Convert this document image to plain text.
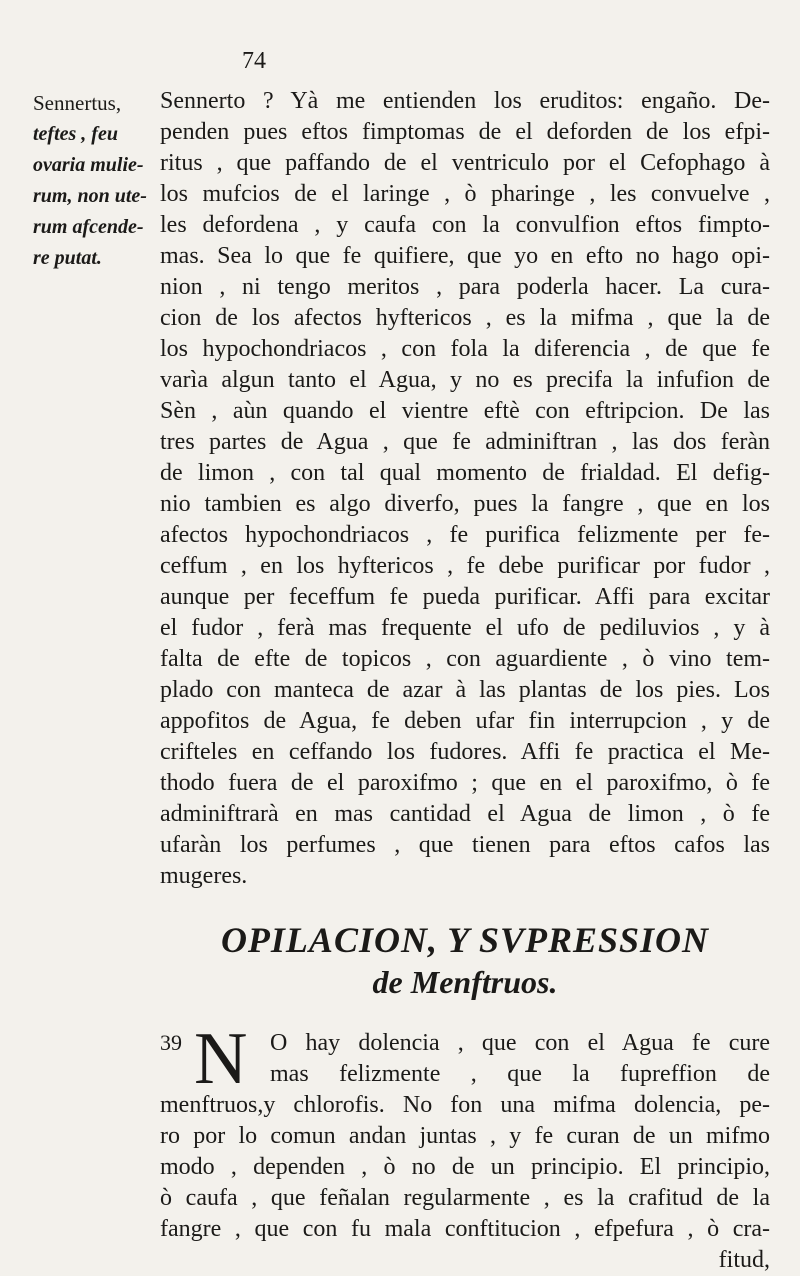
74
Sennertus,
teftes , feu
ovaria mulie-
rum, non ute-
rum afcende-
re putat.

Sennerto ? Yà me entienden los eruditos: engaño. De-
penden pues eftos fimptomas de el deforden de los efpi-
ritus , que paffando de el ventriculo por el Cefophago à
los mufcios de el laringe , ò pharinge , les convuelve ,
les defordena , y caufa con la convulfion eftos fimpto-
mas. Sea lo que fe quifiere, que yo en efto no hago opi-
nion , ni tengo meritos , para poderla hacer. La cura-
cion de los afectos hyftericos , es la mifma , que la de
los hypochondriacos , con fola la diferencia , de que fe
varìa algun tanto el Agua, y no es precifa la infufion de
Sèn , aùn quando el vientre eftè con eftripcion. De las
tres partes de Agua , que fe adminiftran , las dos feràn
de limon , con tal qual momento de frialdad. El defig-
nio tambien es algo diverfo, pues la fangre , que en los
afectos hypochondriacos , fe purifica felizmente per fe-
ceffum , en los hyftericos , fe debe purificar por fudor ,
aunque per feceffum fe pueda purificar. Affi para excitar
el fudor , ferà mas frequente el ufo de pediluvios , y à
falta de efte de topicos , con aguardiente , ò vino tem-
plado con manteca de azar à las plantas de los pies. Los
appofitos de Agua, fe deben ufar fin interrupcion , y de
crifteles en ceffando los fudores. Affi fe practica el Me-
thodo fuera de el paroxifmo ; que en el paroxifmo, ò fe
adminiftrarà en mas cantidad el Agua de limon , ò fe
ufaràn los perfumes , que tienen para eftos cafos las
mugeres.

OPILACION, Y SVPRESSION
de Menftruos.
39 N O hay dolencia , que con el Agua fe cure
mas felizmente , que la fupreffion de
menftruos,y chlorofis. No fon una mifma dolencia, pe-
ro por lo comun andan juntas , y fe curan de un mifmo
modo , dependen , ò no de un principio. El principio,
ò caufa , que feñalan regularmente , es la crafitud de la
fangre , que con fu mala conftitucion , efpefura , ò cra-
fitud,
